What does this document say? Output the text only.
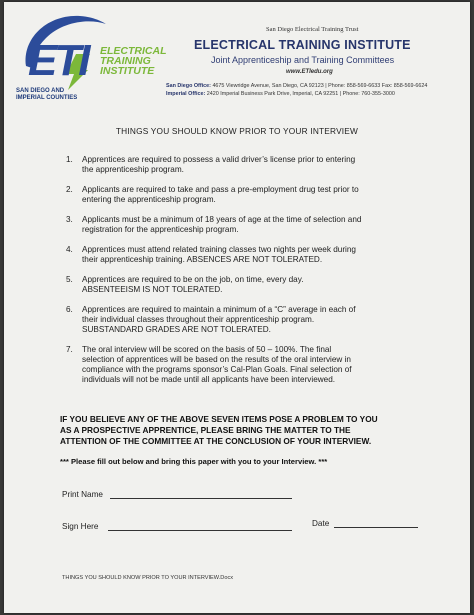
ETI ELECTRICAL
TRAINING
INSTITUTE
SAN DIEGO AND
IMPERIAL COUNTIES
San Diego Electrical Training Trust
ELECTRICAL TRAINING INSTITUTE
Joint Apprenticeship and Training Committees
www.ETIedu.org
San Diego Office: 4675 Viewridge Avenue, San Diego, CA 92123 | Phone: 858-569-6633 Fax: 858-569-6624
Imperial Office: 2420 Imperial Business Park Drive, Imperial, CA 92251 | Phone: 760-355-3000
THINGS YOU SHOULD KNOW PRIOR TO YOUR INTERVIEW
1. Apprentices are required to possess a valid driver’s license prior to entering
the apprenticeship program.
2. Applicants are required to take and pass a pre-employment drug test prior to
entering the apprenticeship program.
3. Applicants must be a minimum of 18 years of age at the time of selection and
registration for the apprenticeship program.
4. Apprentices must attend related training classes two nights per week during
their apprenticeship training. ABSENCES ARE NOT TOLERATED.
5. Apprentices are required to be on the job, on time, every day.
ABSENTEEISM IS NOT TOLERATED.
6. Apprentices are required to maintain a minimum of a “C” average in each of
their individual classes throughout their apprenticeship program.
SUBSTANDARD GRADES ARE NOT TOLERATED.
7. The oral interview will be scored on the basis of 50 – 100%. The final
selection of apprentices will be based on the results of the oral interview in
compliance with the programs sponsor’s Cal-Plan Goals. Final selection of
individuals will not be made until all applicants have been interviewed.
IF YOU BELIEVE ANY OF THE ABOVE SEVEN ITEMS POSE A PROBLEM TO YOU
AS A PROSPECTIVE APPRENTICE, PLEASE BRING THE MATTER TO THE
ATTENTION OF THE COMMITTEE AT THE CONCLUSION OF YOUR INTERVIEW.
*** Please fill out below and bring this paper with you to your Interview. ***
Print Name
Sign Here	Date
THINGS YOU SHOULD KNOW PRIOR TO YOUR INTERVIEW.Docx
